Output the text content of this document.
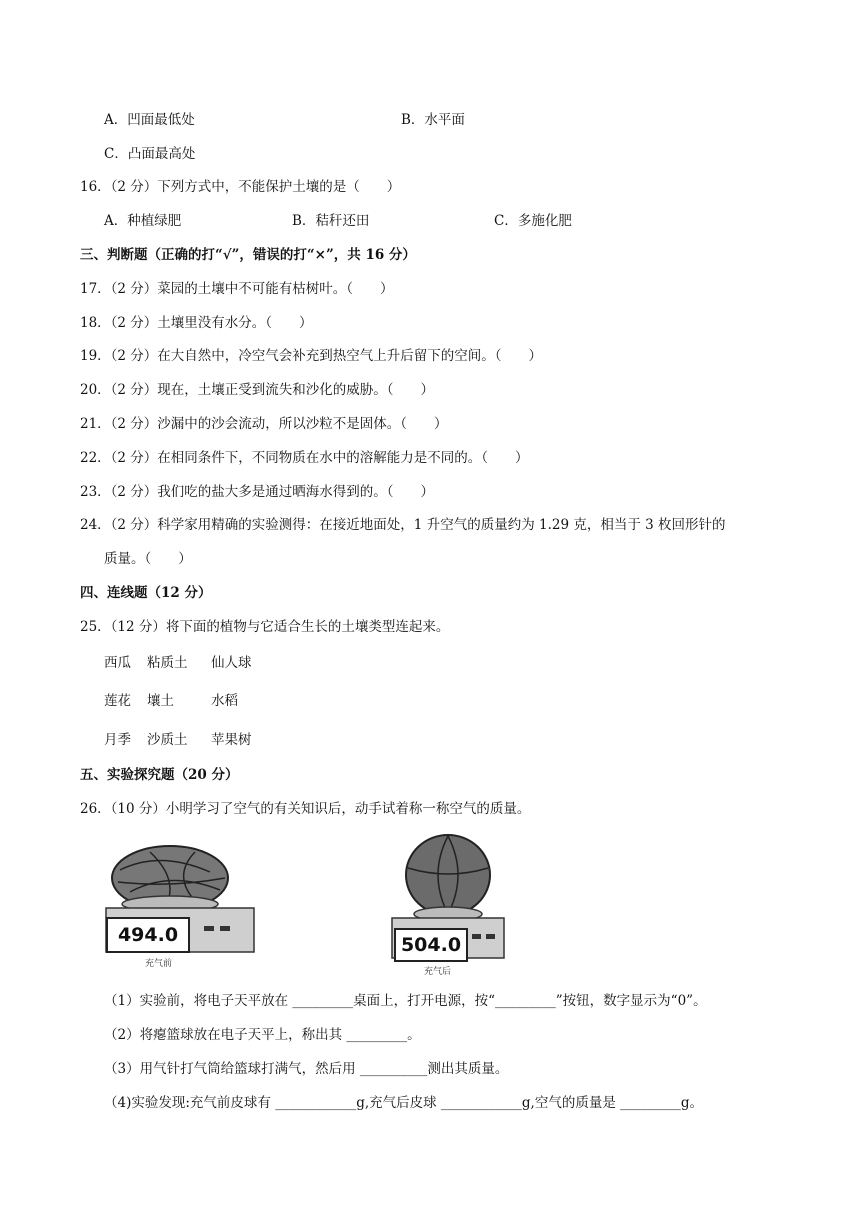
A．凹面最低处	B．水平面
C．凸面最高处
16．（2 分）下列方式中，不能保护土壤的是（　　）
A．种植绿肥	B．秸秆还田	C．多施化肥
三、判断题（正确的打“√”，错误的打“×”，共 16 分）
17．（2 分）菜园的土壤中不可能有枯树叶。（　　）
18．（2 分）土壤里没有水分。（　　）
19．（2 分）在大自然中，冷空气会补充到热空气上升后留下的空间。（　　）
20．（2 分）现在，土壤正受到流失和沙化的威胁。（　　）
21．（2 分）沙漏中的沙会流动，所以沙粒不是固体。（　　）
22．（2 分）在相同条件下，不同物质在水中的溶解能力是不同的。（　　）
23．（2 分）我们吃的盐大多是通过晒海水得到的。（　　）
24．（2 分）科学家用精确的实验测得：在接近地面处，1 升空气的质量约为 1.29 克，相当于 3 枚回形针的
质量。（　　）
四、连线题（12 分）
25．（12 分）将下面的植物与它适合生长的土壤类型连起来。
西瓜 粘质土 仙人球
莲花 壤土	水稻
月季 沙质土 苹果树
五、实验探究题（20 分）
26．（10 分）小明学习了空气的有关知识后，动手试着称一称空气的质量。
494.0
充气前
504.0
充气后
（1）实验前，将电子天平放在 _________桌面上，打开电源，按“_________”按钮，数字显示为“0”。
（2）将瘪篮球放在电子天平上，称出其 _________。
（3）用气针打气筒给篮球打满气，然后用 __________测出其质量。
（4)实验发现:充气前皮球有 ____________g,充气后皮球 ____________g,空气的质量是 _________g。
